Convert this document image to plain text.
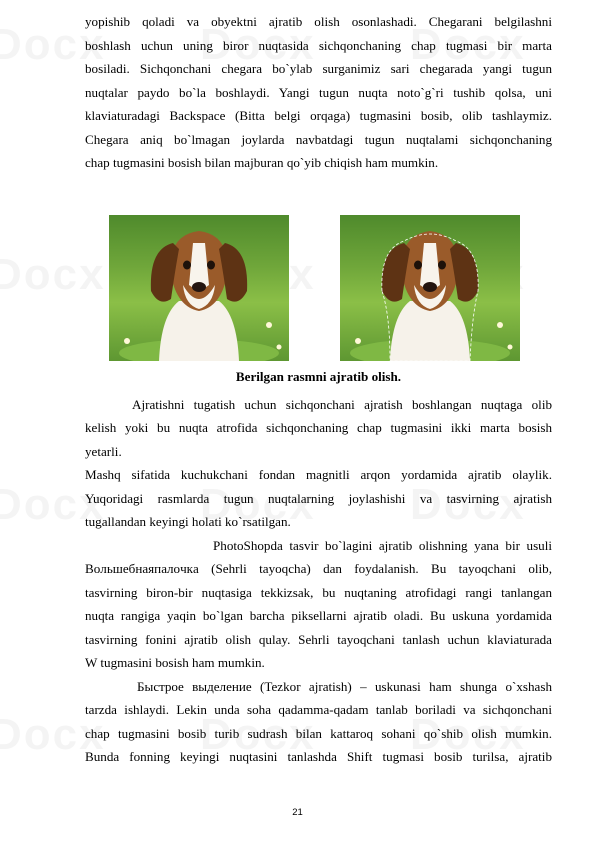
yopishib qoladi va obyektni ajratib olish osonlashadi. Chegarani belgilashni

boshlash uchun uning biror nuqtasida sichqonchaning chap tugmasi bir marta

bosiladi. Sichqonchani chegara bo`ylab surganimiz sari chegarada yangi tugun

nuqtalar paydo bo`la boshlaydi. Yangi tugun nuqta noto`g`ri tushib qolsa, uni

klaviaturadagi Backspace (Bitta belgi orqaga) tugmasini bosib, olib tashlaymiz.

Chegara aniq bo`lmagan joylarda navbatdagi tugun nuqtalami sichqonchaning

chap tugmasini bosish bilan majburan qo`yib chiqish ham mumkin.

Berilgan rasmni ajratib olish.

Ajratishni tugatish uchun sichqonchani ajratish boshlangan nuqtaga olib

kelish yoki bu nuqta atrofida sichqonchaning chap tugmasini ikki marta bosish

yetarli.

Mashq sifatida kuchukchani fondan magnitli arqon yordamida ajratib olaylik.

Yuqoridagi rasmlarda tugun nuqtalarning joylashishi va tasvirning ajratish

tugallandan keyingi holati ko`rsatilgan.

PhotoShopda tasvir bo`lagini ajratib olishning yana bir usuli

Вoльшeбнaяпaлoчкa (Sehrli tayoqcha) dan foydalanish. Bu tayoqchani olib,

tasvirning biron-bir nuqtasiga tekkizsak, bu nuqtaning atrofidagi rangi tanlangan

nuqta rangiga yaqin bo`lgan barcha piksellarni ajratib oladi. Bu uskuna yordamida

tasvirning fonini ajratib olish qulay. Sehrli tayoqchani tanlash uchun klaviaturada

W tugmasini bosish ham mumkin.

Быcтpoe выдeлeниe (Tezkor ajratish) – uskunasi ham shunga o`xshash

tarzda ishlaydi. Lekin unda soha qadamma-qadam tanlab boriladi va sichqonchani

chap tugmasini bosib turib sudrash bilan kattaroq sohani qo`shib olish mumkin.

Bunda fonning keyingi nuqtasini tanlashda Shift tugmasi bosib turilsa, ajratib

21
